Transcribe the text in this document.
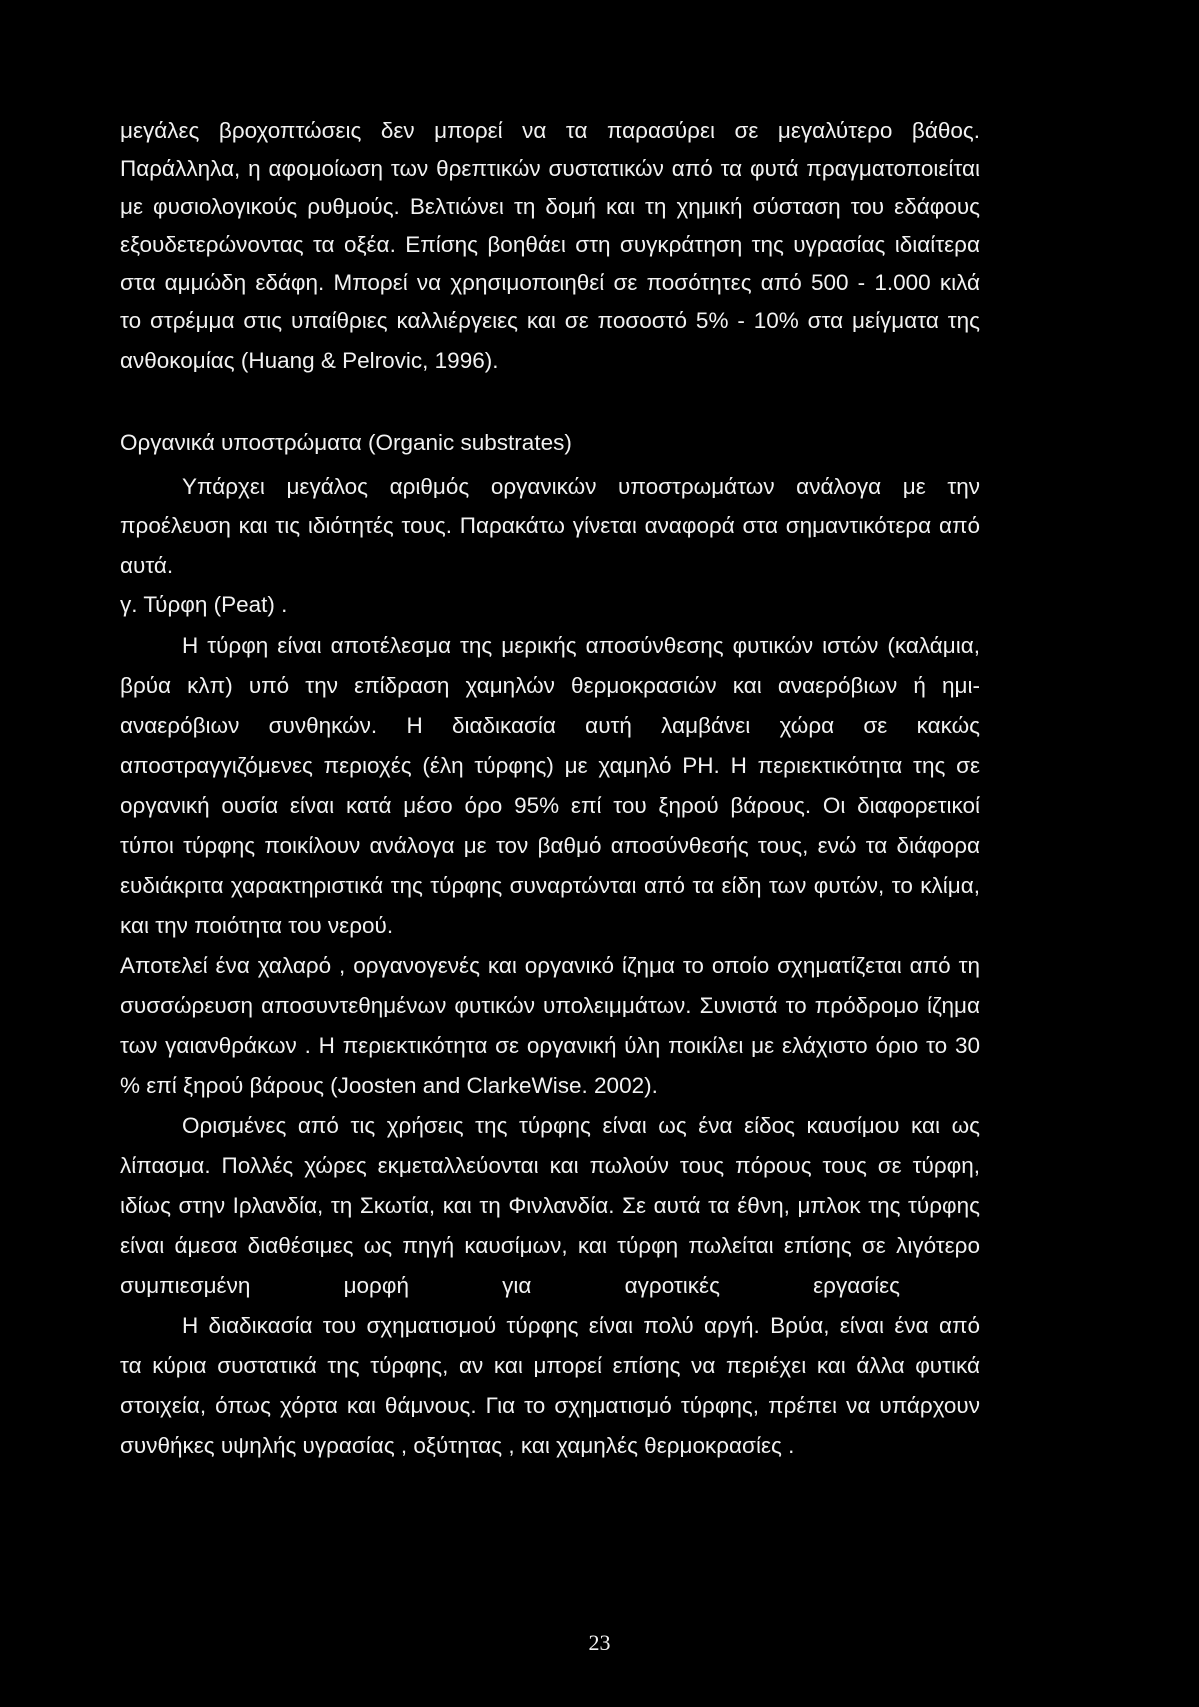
μεγάλες βροχοπτώσεις δεν μπορεί να τα παρασύρει σε μεγαλύτερο βάθος.
Παράλληλα, η αφομοίωση των θρεπτικών συστατικών από τα φυτά πραγματοποιείται
με φυσιολογικούς ρυθμούς. Βελτιώνει τη δομή και τη χημική σύσταση του εδάφους
εξουδετερώνοντας τα οξέα. Επίσης βοηθάει στη συγκράτηση της υγρασίας ιδιαίτερα
στα αμμώδη εδάφη. Μπορεί να χρησιμοποιηθεί σε ποσότητες από 500 - 1.000 κιλά
το στρέμμα στις υπαίθριες καλλιέργειες και σε ποσοστό 5% - 10% στα μείγματα της
ανθοκομίας (Huang & Pelrovic, 1996).
Οργανικά υποστρώματα (Organic substrates)
Υπάρχει μεγάλος αριθμός οργανικών υποστρωμάτων ανάλογα με την
προέλευση και τις ιδιότητές τους. Παρακάτω γίνεται αναφορά στα σημαντικότερα από
αυτά.
γ. Τύρφη (Peat) .
Η τύρφη είναι αποτέλεσμα της μερικής αποσύνθεσης φυτικών ιστών (καλάμια,
βρύα κλπ) υπό την επίδραση χαμηλών θερμοκρασιών και αναερόβιων ή ημι-
αναερόβιων συνθηκών. Η διαδικασία αυτή λαμβάνει χώρα σε κακώς
αποστραγγιζόμενες περιοχές (έλη τύρφης) με χαμηλό PH. Η περιεκτικότητα της σε
οργανική ουσία είναι κατά μέσο όρο 95% επί του ξηρού βάρους. Οι διαφορετικοί
τύποι τύρφης ποικίλουν ανάλογα με τον βαθμό αποσύνθεσής τους, ενώ τα διάφορα
ευδιάκριτα χαρακτηριστικά της τύρφης συναρτώνται από τα είδη των φυτών, το κλίμα,
και την ποιότητα του νερού.
Αποτελεί ένα χαλαρό , οργανογενές και οργανικό ίζημα το οποίο σχηματίζεται από τη
συσσώρευση αποσυντεθημένων φυτικών υπολειμμάτων. Συνιστά το πρόδρομο ίζημα
των γαιανθράκων . Η περιεκτικότητα σε οργανική ύλη ποικίλει με ελάχιστο όριο το 30
% επί ξηρού βάρους (Joosten and ClarkeWise. 2002).
Ορισμένες από τις χρήσεις της τύρφης είναι ως ένα είδος καυσίμου και ως
λίπασμα. Πολλές χώρες εκμεταλλεύονται και πωλούν τους πόρους τους σε τύρφη,
ιδίως στην Ιρλανδία, τη Σκωτία, και τη Φινλανδία. Σε αυτά τα έθνη, μπλοκ της τύρφης
είναι άμεσα διαθέσιμες ως πηγή καυσίμων, και τύρφη πωλείται επίσης σε λιγότερο
συμπιεσμένη μορφή για αγροτικές εργασίες
Η διαδικασία του σχηματισμού τύρφης είναι πολύ αργή. Βρύα, είναι ένα από
τα κύρια συστατικά της τύρφης, αν και μπορεί επίσης να περιέχει και άλλα φυτικά
στοιχεία, όπως χόρτα και θάμνους. Για το σχηματισμό τύρφης, πρέπει να υπάρχουν
συνθήκες υψηλής υγρασίας , οξύτητας , και χαμηλές θερμοκρασίες .
23
